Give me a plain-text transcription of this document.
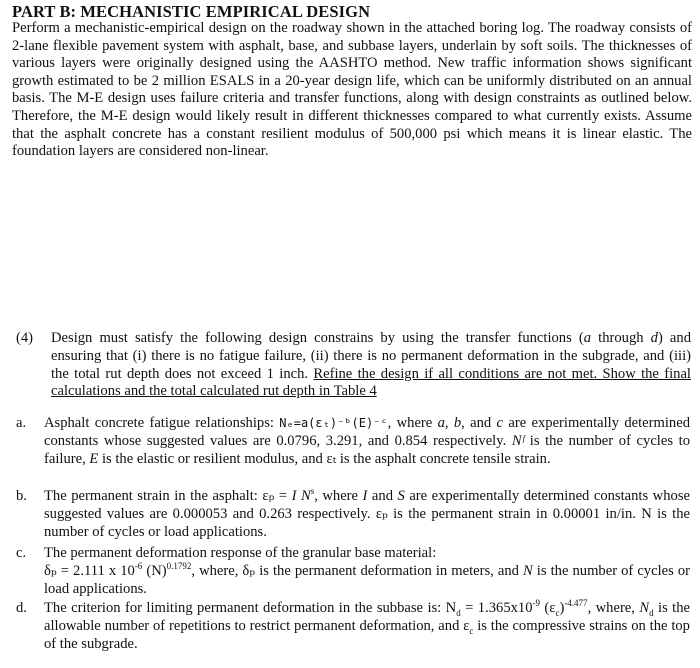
PART B: MECHANISTIC EMPIRICAL DESIGN
Perform a mechanistic-empirical design on the roadway shown in the attached boring log. The roadway consists of 2-lane flexible pavement system with asphalt, base, and subbase layers, underlain by soft soils. The thicknesses of various layers were originally designed using the AASHTO method. New traffic information shows significant growth estimated to be 2 million ESALS in a 20-year design life, which can be uniformly distributed on an annual basis. The M-E design uses failure criteria and transfer functions, along with design constraints as outlined below. Therefore, the M-E design would likely result in different thicknesses compared to what currently exists. Assume that the asphalt concrete has a constant resilient modulus of 500,000 psi which means it is linear elastic. The foundation layers are considered non-linear.
(4) Design must satisfy the following design constrains by using the transfer functions (a through d) and ensuring that (i) there is no fatigue failure, (ii) there is no permanent deformation in the subgrade, and (iii) the total rut depth does not exceed 1 inch. Refine the design if all conditions are not met. Show the final calculations and the total calculated rut depth in Table 4
a. Asphalt concrete fatigue relationships: Nₑ=a(εₜ)⁻ᵇ(E)⁻ᶜ, where a, b, and c are experimentally determined constants whose suggested values are 0.0796, 3.291, and 0.854 respectively. Nᶠ is the number of cycles to failure, E is the elastic or resilient modulus, and εₜ is the asphalt concrete tensile strain.
b. The permanent strain in the asphalt: εₚ = I $N^s$, where I and S are experimentally determined constants whose suggested values are 0.000053 and 0.263 respectively. εₚ is the permanent strain in 0.00001 in/in. N is the number of cycles or load applications.
c. The permanent deformation response of the granular base material:
δₚ = 2.111 x $10^{-6}$ $(N)^{0.1792}$, where, δₚ is the permanent deformation in meters, and N is the number of cycles or load applications.
d. The criterion for limiting permanent deformation in the subbase is: $N_d = 1.365x10^{-9}$ $(\varepsilon_c)^{-4.477}$, where, $N_d$ is the allowable number of repetitions to restrict permanent deformation, and $\varepsilon_c$ is the compressive strains on the top of the subgrade.
